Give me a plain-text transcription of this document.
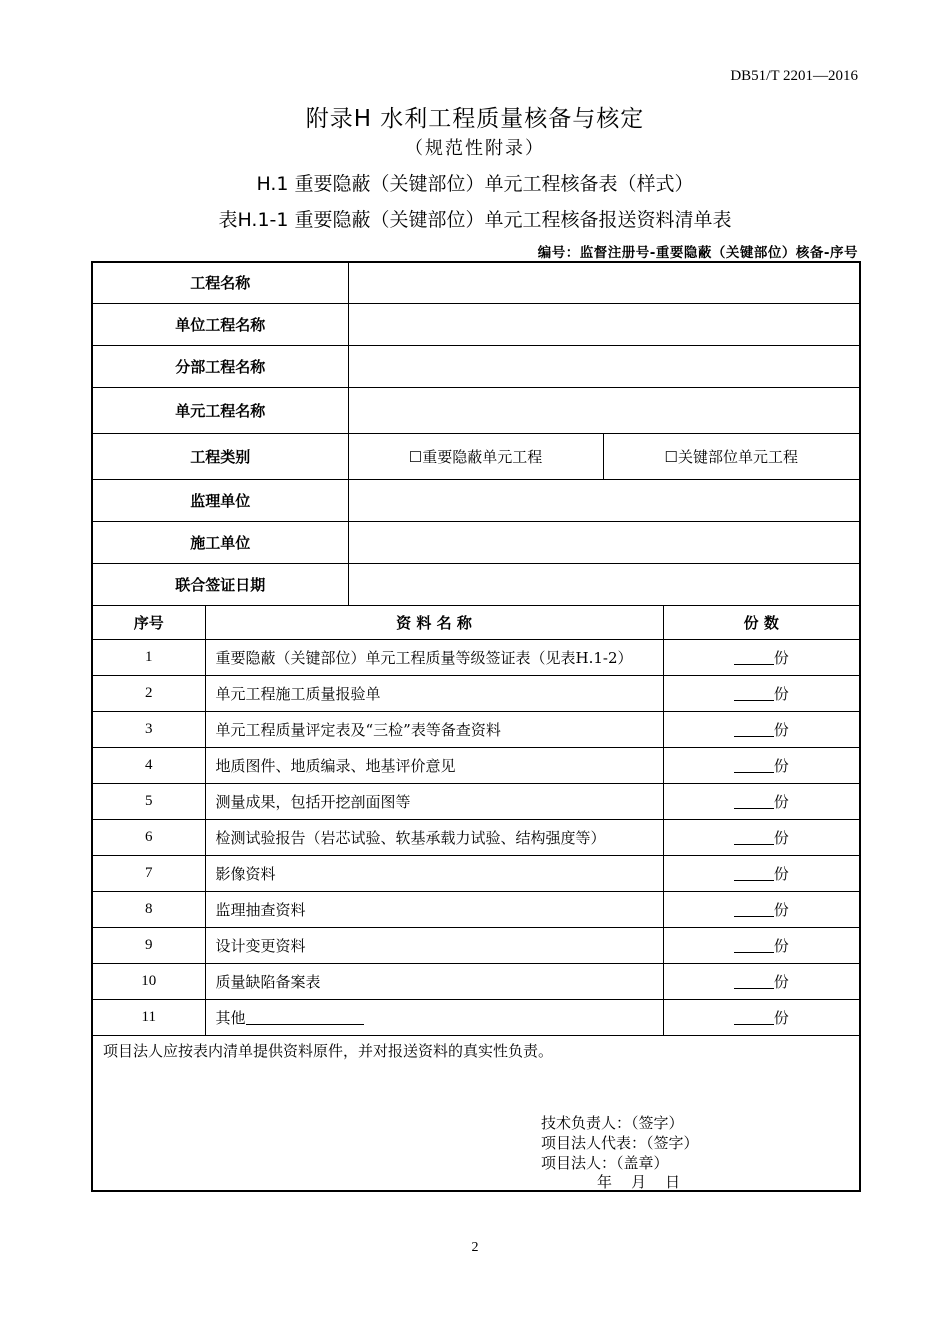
DB51/T 2201—2016
附录H 水利工程质量核备与核定
（规范性附录）
H.1 重要隐蔽（关键部位）单元工程核备表（样式）
表H.1-1 重要隐蔽（关键部位）单元工程核备报送资料清单表
编号：监督注册号-重要隐蔽（关键部位）核备-序号
工程名称				
单位工程名称				
分部工程名称				
单元工程名称				
工程类别		☐重要隐蔽单元工程	☐关键部位单元工程	
监理单位				
施工单位				
联合签证日期				
序号	资 料 名 称			份 数
1	重要隐蔽（关键部位）单元工程质量等级签证表（见表H.1-2）			份
2	单元工程施工质量报验单			份
3	单元工程质量评定表及“三检”表等备查资料			份
4	地质图件、地质编录、地基评价意见			份
5	测量成果，包括开挖剖面图等			份
6	检测试验报告（岩芯试验、软基承载力试验、结构强度等）			份
7	影像资料			份
8	监理抽查资料			份
9	设计变更资料			份
10	质量缺陷备案表			份
11	其他			份

项目法人应按表内清单提供资料原件，并对报送资料的真实性负责。
技术负责人：（签字）
项目法人代表：（签字）
项目法人：（盖章）
年    月    日				
2
